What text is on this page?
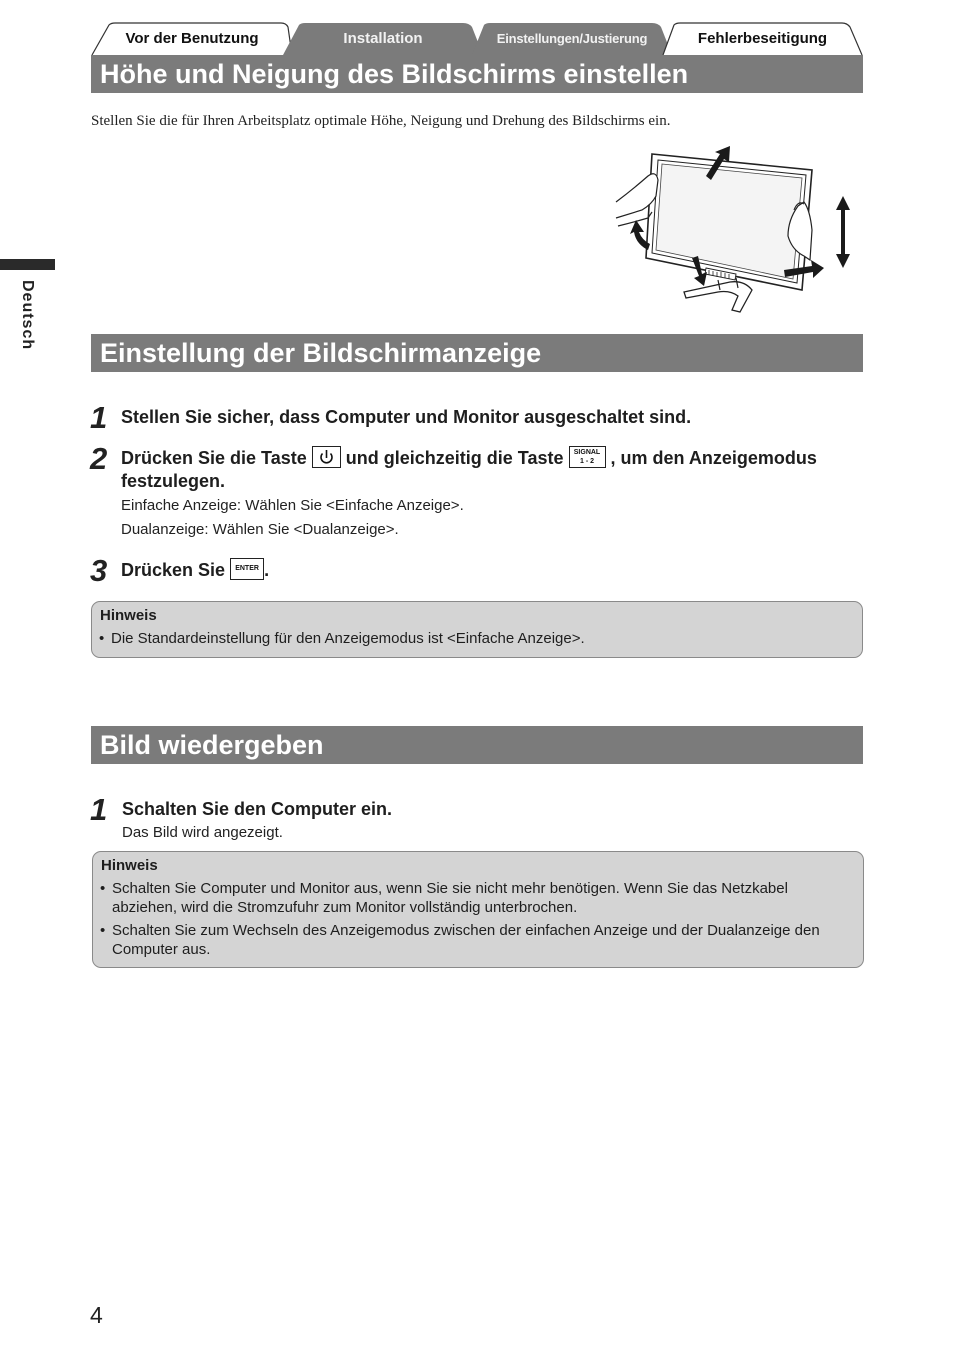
Vor der Benutzung	Installation	Einstellungen/Justierung	Fehlerbeseitigung
Höhe und Neigung des Bildschirms einstellen
Stellen Sie die für Ihren Arbeitsplatz optimale Höhe, Neigung und Drehung des Bildschirms ein.
Deutsch
Einstellung der Bildschirmanzeige
1 Stellen Sie sicher, dass Computer und Monitor ausgeschaltet sind.
2 Drücken Sie die Taste und gleichzeitig die Taste	SIGNAL
1 - 2 , um den Anzeigemodus
festzulegen.
Einfache Anzeige: Wählen Sie <Einfache Anzeige>.
Dualanzeige: Wählen Sie <Dualanzeige>.
3 Drücken Sie ENTER .
Hinweis
• Die Standardeinstellung für den Anzeigemodus ist <Einfache Anzeige>.
Bild wiedergeben
1 Schalten Sie den Computer ein.
Das Bild wird angezeigt.
Hinweis
• Schalten Sie Computer und Monitor aus, wenn Sie sie nicht mehr benötigen. Wenn Sie das Netzkabel abziehen, wird die Stromzufuhr zum Monitor vollständig unterbrochen.
• Schalten Sie zum Wechseln des Anzeigemodus zwischen der einfachen Anzeige und der Dualanzeige den Computer aus.
4
